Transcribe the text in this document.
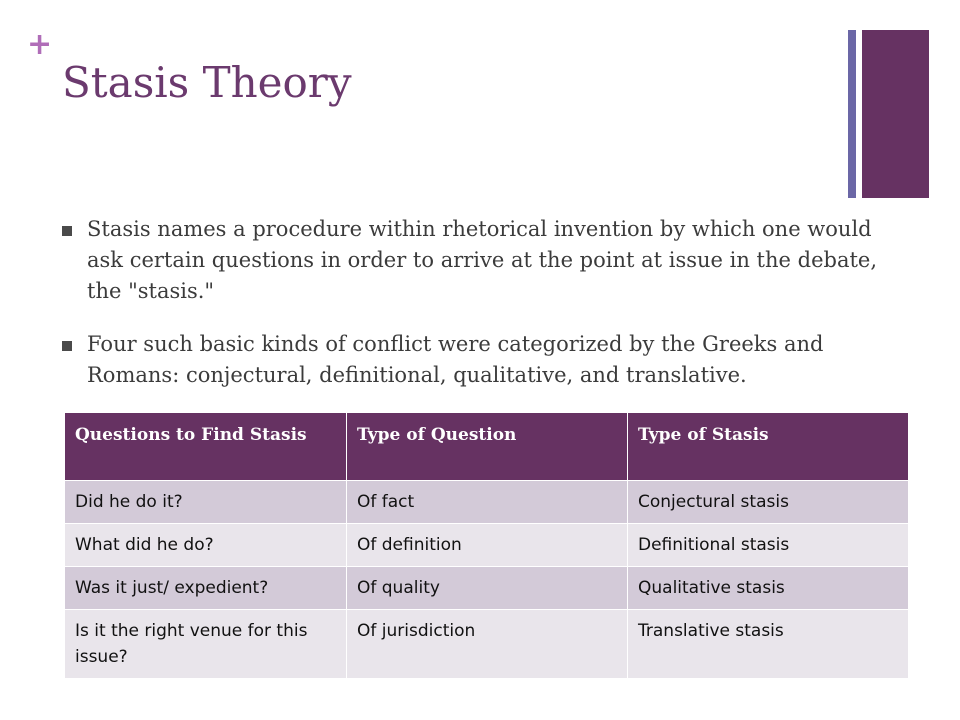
+
Stasis Theory
Stasis names a procedure within rhetorical invention by which one would ask certain questions in order to arrive at the point at issue in the debate, the "stasis."
Four such basic kinds of conflict were categorized by the Greeks and Romans: conjectural, definitional, qualitative, and translative.
Questions to Find Stasis	Type of Question	Type of Stasis
Did he do it?	Of fact	Conjectural stasis
What did he do?	Of definition	Definitional stasis
Was it just/ expedient?	Of quality	Qualitative stasis
Is it the right venue for this issue?	Of jurisdiction	Translative stasis
